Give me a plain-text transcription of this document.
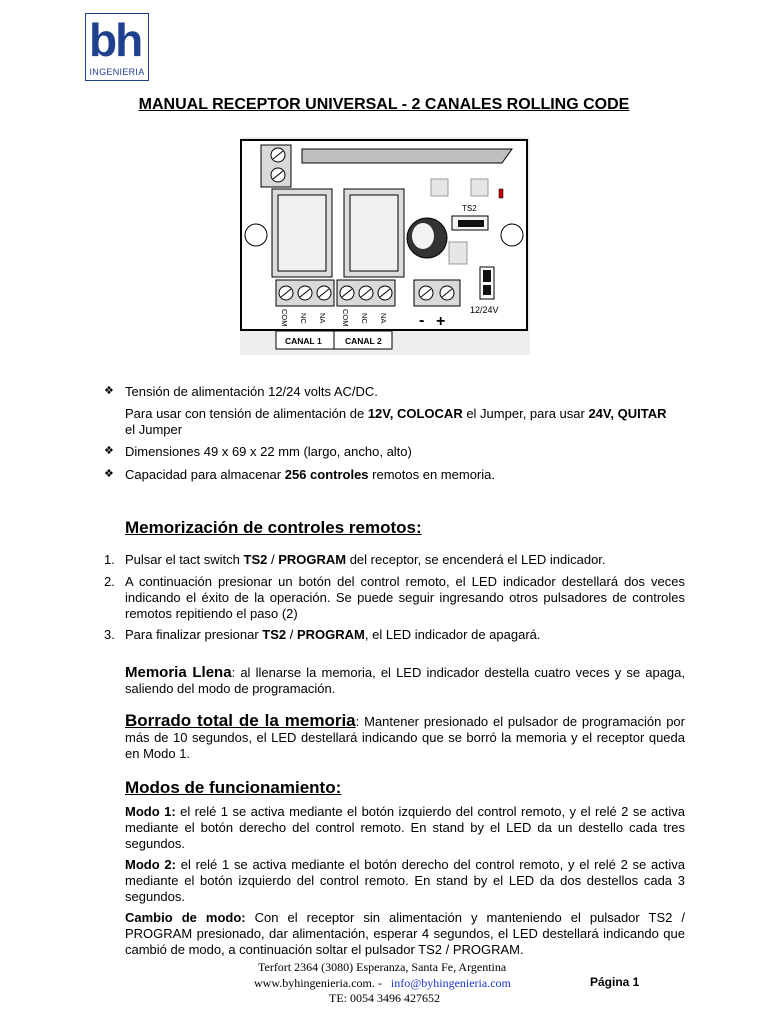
bh
INGENIERIA
MANUAL RECEPTOR UNIVERSAL - 2 CANALES ROLLING CODE
TS2
12/24V
COM NC NA COM NC NA - +
CANAL 1	CANAL 2
❖ Tensión de alimentación 12/24 volts AC/DC.
Para usar con tensión de alimentación de 12V, COLOCAR el Jumper, para usar 24V, QUITAR
el Jumper
❖ Dimensiones 49 x 69 x 22 mm (largo, ancho, alto)
❖ Capacidad para almacenar 256 controles remotos en memoria.
Memorización de controles remotos:
1. Pulsar el tact switch TS2 / PROGRAM del receptor, se encenderá el LED indicador.
2. A continuación presionar un botón del control remoto, el LED indicador destellará dos veces indicando el éxito de la operación. Se puede seguir ingresando otros pulsadores de controles remotos repitiendo el paso (2)
3. Para finalizar presionar TS2 / PROGRAM, el LED indicador de apagará.
Memoria Llena: al llenarse la memoria, el LED indicador destella cuatro veces y se apaga, saliendo del modo de programación.
Borrado total de la memoria: Mantener presionado el pulsador de programación por más de 10 segundos, el LED destellará indicando que se borró la memoria y el receptor queda en Modo 1.
Modos de funcionamiento:
Modo 1: el relé 1 se activa mediante el botón izquierdo del control remoto, y el relé 2 se activa mediante el botón derecho del control remoto. En stand by el LED da un destello cada tres segundos.
Modo 2: el relé 1 se activa mediante el botón derecho del control remoto, y el relé 2 se activa mediante el botón izquierdo del control remoto. En stand by el LED da dos destellos cada 3 segundos.
Cambio de modo: Con el receptor sin alimentación y manteniendo el pulsador TS2 / PROGRAM presionado, dar alimentación, esperar 4 segundos, el LED destellará indicando que cambió de modo, a continuación soltar el pulsador TS2 / PROGRAM.
Terfort 2364 (3080) Esperanza, Santa Fe, Argentina
www.byhingenieria.com. - info@byhingenieria.com
TE: 0054 3496 427652
Página 1
